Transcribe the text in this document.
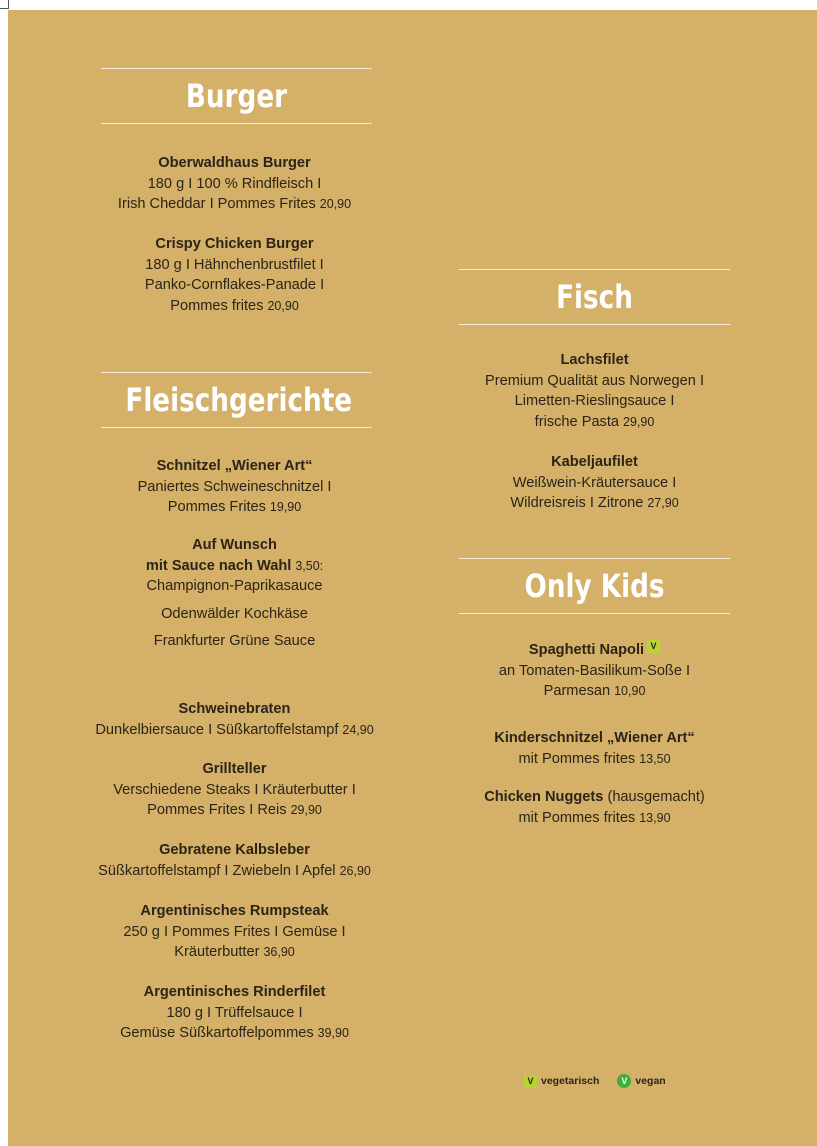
Burger
Oberwaldhaus Burger
180 g I 100 % Rindfleisch I
Irish Cheddar I Pommes Frites 20,90
Crispy Chicken Burger
180 g I Hähnchenbrustfilet I
Panko-Cornflakes-Panade I
Pommes frites 20,90
Fleischgerichte
Schnitzel „Wiener Art“
Paniertes Schweineschnitzel I
Pommes Frites 19,90
Auf Wunsch
mit Sauce nach Wahl 3,50:
Champignon-Paprikasauce
Odenwälder Kochkäse
Frankfurter Grüne Sauce
Schweinebraten
Dunkelbiersauce I Süßkartoffelstampf 24,90
Grillteller
Verschiedene Steaks I Kräuterbutter I
Pommes Frites I Reis 29,90
Gebratene Kalbsleber
Süßkartoffelstampf I Zwiebeln I Apfel 26,90
Argentinisches Rumpsteak
250 g I Pommes Frites I Gemüse I
Kräuterbutter 36,90
Argentinisches Rinderfilet
180 g I Trüffelsauce I
Gemüse Süßkartoffelpommes 39,90
Fisch
Lachsfilet
Premium Qualität aus Norwegen I
Limetten-Rieslingsauce I
frische Pasta 29,90
Kabeljaufilet
Weißwein-Kräutersauce I
Wildreisreis I Zitrone 27,90
Only Kids
Spaghetti Napoli V
an Tomaten-Basilikum-Soße I
Parmesan 10,90
Kinderschnitzel „Wiener Art“
mit Pommes frites 13,50
Chicken Nuggets (hausgemacht)
mit Pommes frites 13,90
V vegetarisch V vegan
